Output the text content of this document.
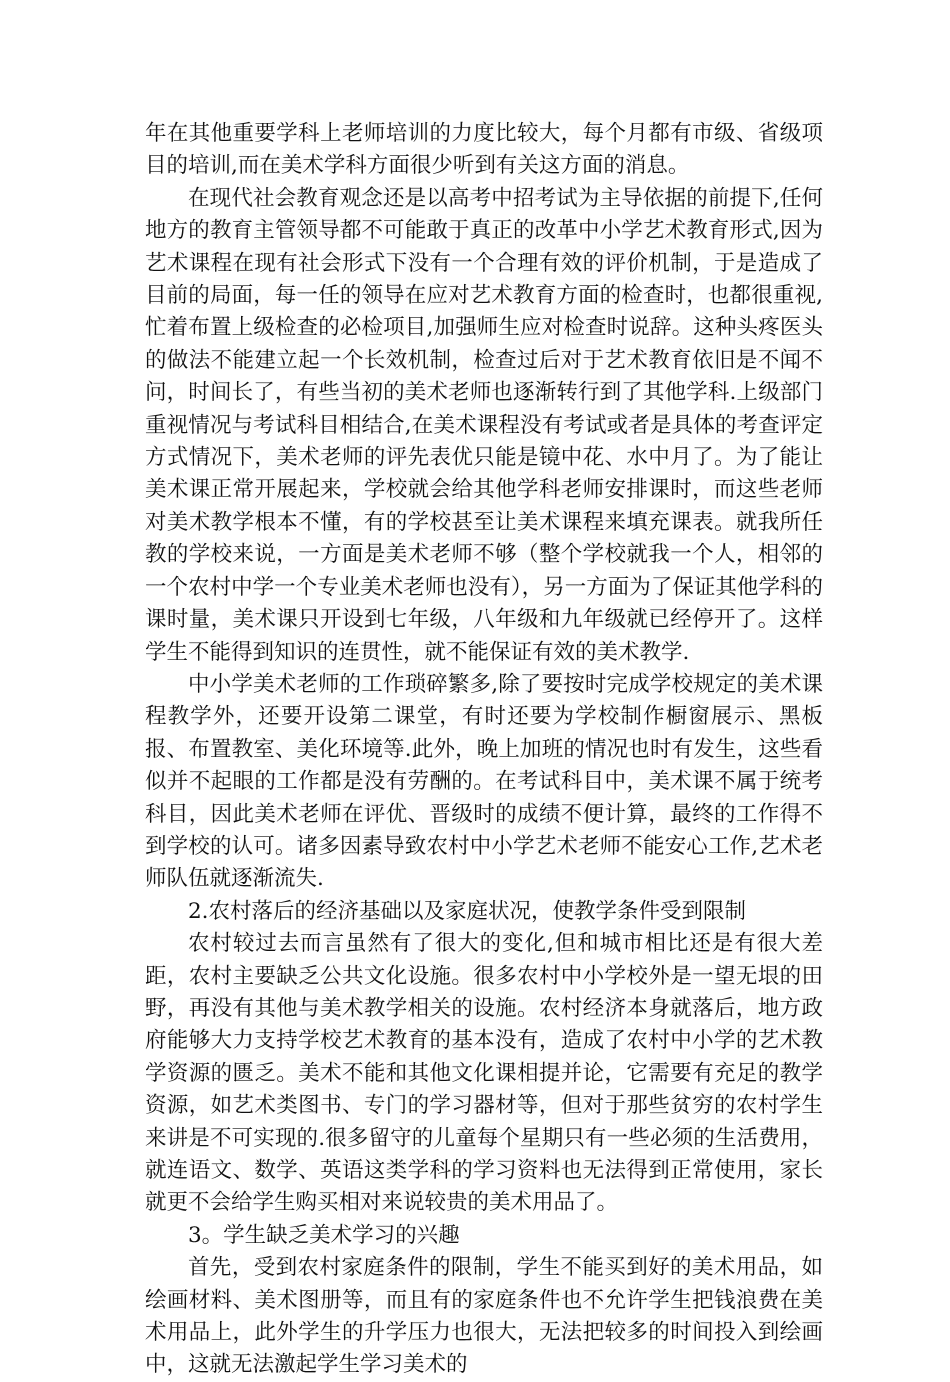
年在其他重要学科上老师培训的力度比较大，每个月都有市级、省级项目的培训,而在美术学科方面很少听到有关这方面的消息。

在现代社会教育观念还是以高考中招考试为主导依据的前提下,任何地方的教育主管领导都不可能敢于真正的改革中小学艺术教育形式,因为艺术课程在现有社会形式下没有一个合理有效的评价机制，于是造成了目前的局面，每一任的领导在应对艺术教育方面的检查时，也都很重视,忙着布置上级检查的必检项目,加强师生应对检查时说辞。这种头疼医头的做法不能建立起一个长效机制，检查过后对于艺术教育依旧是不闻不问，时间长了，有些当初的美术老师也逐渐转行到了其他学科.上级部门重视情况与考试科目相结合,在美术课程没有考试或者是具体的考查评定方式情况下，美术老师的评先表优只能是镜中花、水中月了。为了能让美术课正常开展起来，学校就会给其他学科老师安排课时，而这些老师对美术教学根本不懂，有的学校甚至让美术课程来填充课表。就我所任教的学校来说，一方面是美术老师不够（整个学校就我一个人，相邻的一个农村中学一个专业美术老师也没有），另一方面为了保证其他学科的课时量，美术课只开设到七年级，八年级和九年级就已经停开了。这样学生不能得到知识的连贯性，就不能保证有效的美术教学.

中小学美术老师的工作琐碎繁多,除了要按时完成学校规定的美术课程教学外，还要开设第二课堂，有时还要为学校制作橱窗展示、黑板报、布置教室、美化环境等.此外，晚上加班的情况也时有发生，这些看似并不起眼的工作都是没有劳酬的。在考试科目中，美术课不属于统考科目，因此美术老师在评优、晋级时的成绩不便计算，最终的工作得不到学校的认可。诸多因素导致农村中小学艺术老师不能安心工作,艺术老师队伍就逐渐流失.

2.农村落后的经济基础以及家庭状况，使教学条件受到限制

农村较过去而言虽然有了很大的变化,但和城市相比还是有很大差距，农村主要缺乏公共文化设施。很多农村中小学校外是一望无垠的田野，再没有其他与美术教学相关的设施。农村经济本身就落后，地方政府能够大力支持学校艺术教育的基本没有，造成了农村中小学的艺术教学资源的匮乏。美术不能和其他文化课相提并论，它需要有充足的教学资源，如艺术类图书、专门的学习器材等，但对于那些贫穷的农村学生来讲是不可实现的.很多留守的儿童每个星期只有一些必须的生活费用，就连语文、数学、英语这类学科的学习资料也无法得到正常使用，家长就更不会给学生购买相对来说较贵的美术用品了。

3。学生缺乏美术学习的兴趣

首先，受到农村家庭条件的限制，学生不能买到好的美术用品，如绘画材料、美术图册等，而且有的家庭条件也不允许学生把钱浪费在美术用品上，此外学生的升学压力也很大，无法把较多的时间投入到绘画中，这就无法激起学生学习美术的
